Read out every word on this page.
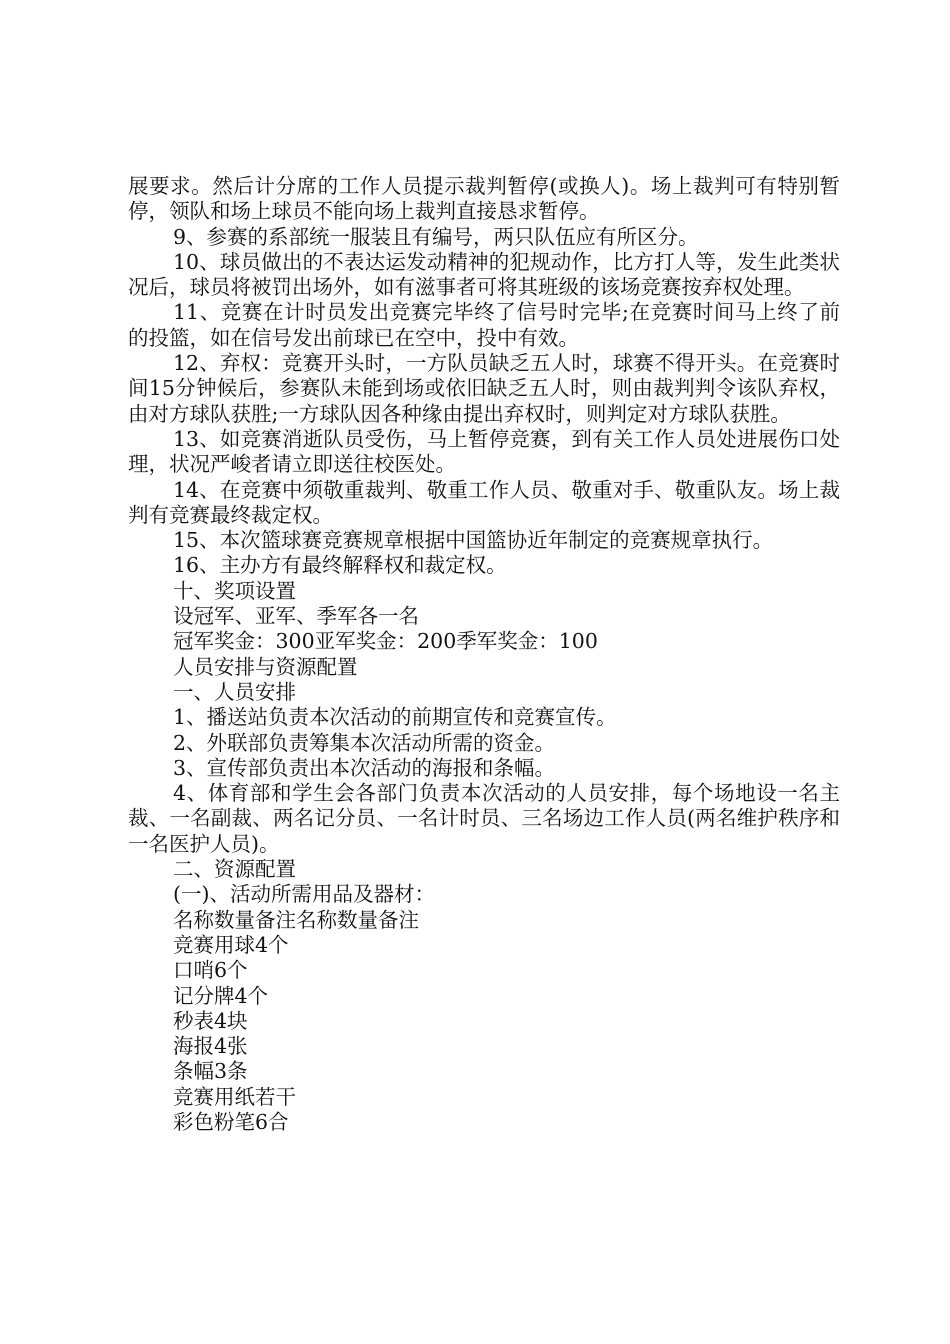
展要求。然后计分席的工作人员提示裁判暂停(或换人)。场上裁判可有特别暂停，领队和场上球员不能向场上裁判直接恳求暂停。

9、参赛的系部统一服装且有编号，两只队伍应有所区分。

10、球员做出的不表达运发动精神的犯规动作，比方打人等，发生此类状况后，球员将被罚出场外，如有滋事者可将其班级的该场竞赛按弃权处理。

11、竞赛在计时员发出竞赛完毕终了信号时完毕;在竞赛时间马上终了前的投篮，如在信号发出前球已在空中，投中有效。

12、弃权：竞赛开头时，一方队员缺乏五人时，球赛不得开头。在竞赛时间15分钟候后，参赛队未能到场或依旧缺乏五人时，则由裁判判令该队弃权，由对方球队获胜;一方球队因各种缘由提出弃权时，则判定对方球队获胜。

13、如竞赛消逝队员受伤，马上暂停竞赛，到有关工作人员处进展伤口处理，状况严峻者请立即送往校医处。

14、在竞赛中须敬重裁判、敬重工作人员、敬重对手、敬重队友。场上裁判有竞赛最终裁定权。

15、本次篮球赛竞赛规章根据中国篮协近年制定的竞赛规章执行。

16、主办方有最终解释权和裁定权。

十、奖项设置

设冠军、亚军、季军各一名

冠军奖金：300亚军奖金：200季军奖金：100

人员安排与资源配置

一、人员安排

1、播送站负责本次活动的前期宣传和竞赛宣传。

2、外联部负责筹集本次活动所需的资金。

3、宣传部负责出本次活动的海报和条幅。

4、体育部和学生会各部门负责本次活动的人员安排，每个场地设一名主裁、一名副裁、两名记分员、一名计时员、三名场边工作人员(两名维护秩序和一名医护人员)。

二、资源配置

(一)、活动所需用品及器材：

名称数量备注名称数量备注

竞赛用球4个

口哨6个

记分牌4个

秒表4块

海报4张

条幅3条

竞赛用纸若干

彩色粉笔6合
